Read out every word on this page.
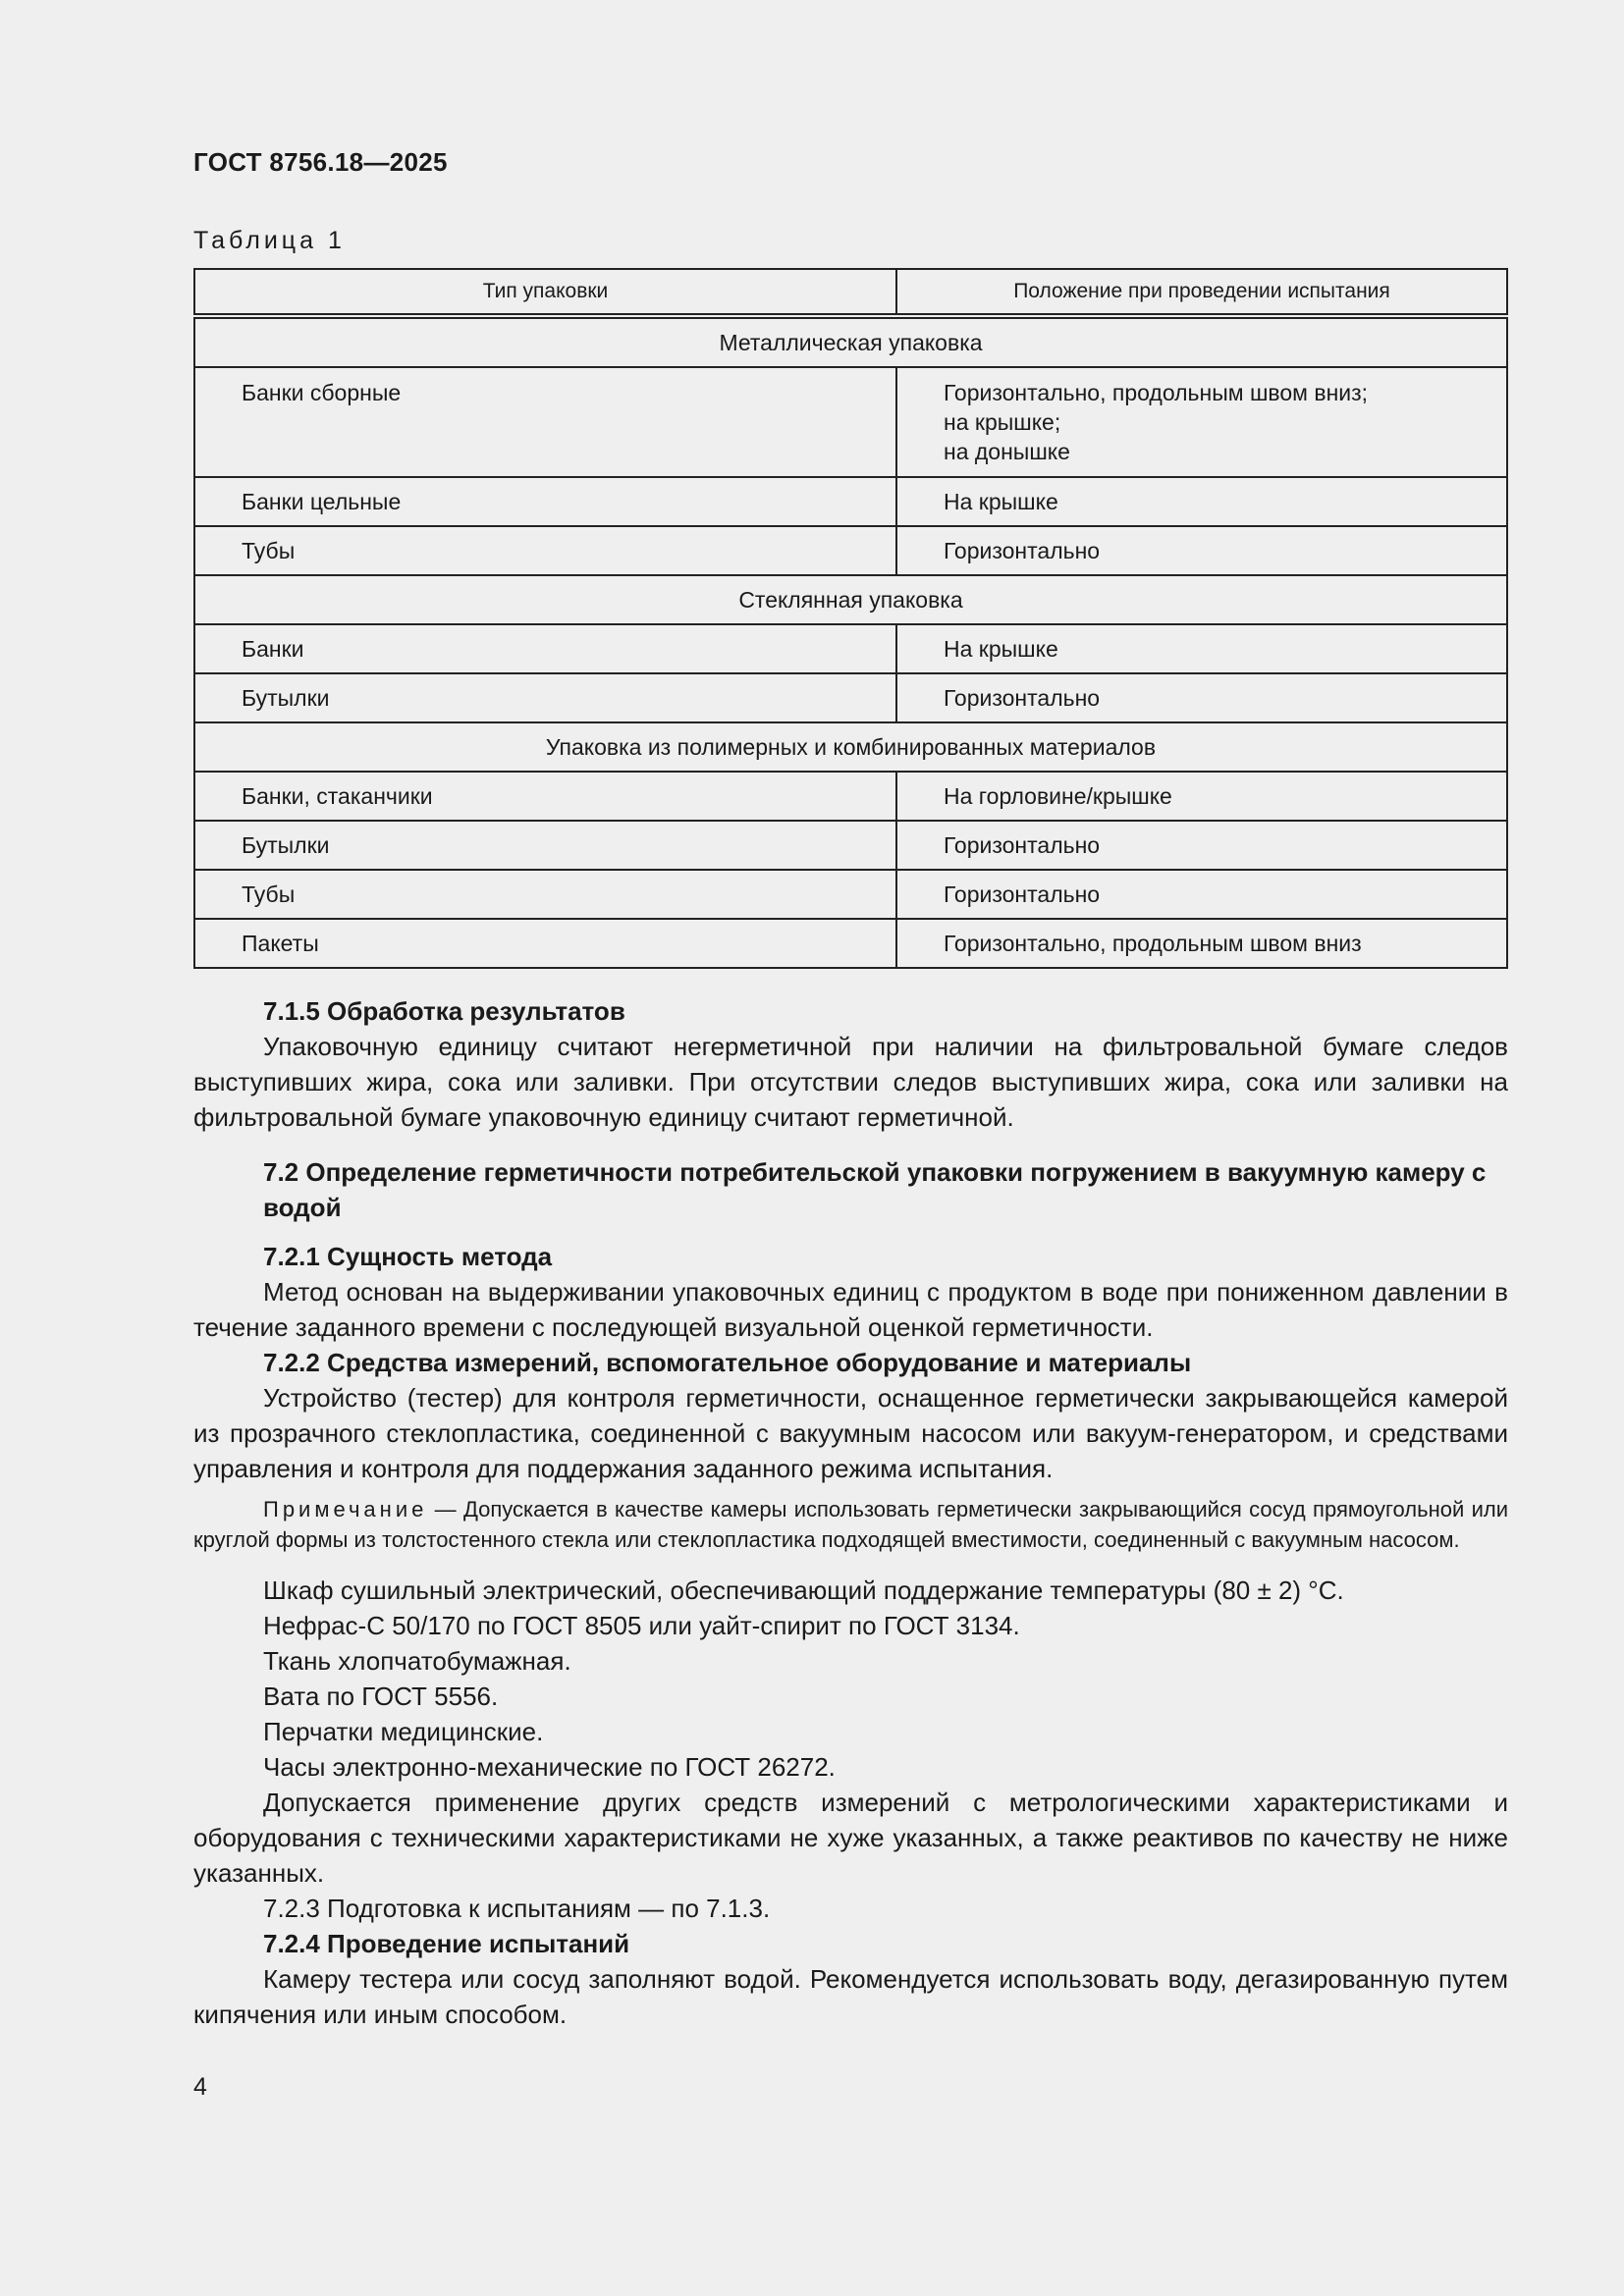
ГОСТ 8756.18—2025
Таблица 1
Тип упаковки	Положение при проведении испытания
Металлическая упаковка	
Банки сборные	Горизонтально, продольным швом вниз;
на крышке;
на донышке

Банки цельные	На крышке
Тубы	Горизонтально
Стеклянная упаковка	
Банки	На крышке
Бутылки	Горизонтально
Упаковка из полимерных и комбинированных материалов	
Банки, стаканчики	На горловине/крышке
Бутылки	Горизонтально
Тубы	Горизонтально
Пакеты	Горизонтально, продольным швом вниз

7.1.5 Обработка результатов

Упаковочную единицу считают негерметичной при наличии на фильтровальной бумаге следов выступивших жира, сока или заливки. При отсутствии следов выступивших жира, сока или заливки на фильтровальной бумаге упаковочную единицу считают герметичной.

7.2 Определение герметичности потребительской упаковки погружением в вакуумную камеру с водой

7.2.1 Сущность метода

Метод основан на выдерживании упаковочных единиц с продуктом в воде при пониженном давлении в течение заданного времени с последующей визуальной оценкой герметичности.

7.2.2 Средства измерений, вспомогательное оборудование и материалы

Устройство (тестер) для контроля герметичности, оснащенное герметически закрывающейся камерой из прозрачного стеклопластика, соединенной с вакуумным насосом или вакуум-генератором, и средствами управления и контроля для поддержания заданного режима испытания.

Примечание — Допускается в качестве камеры использовать герметически закрывающийся сосуд прямоугольной или круглой формы из толстостенного стекла или стеклопластика подходящей вместимости, соединенный с вакуумным насосом.

Шкаф сушильный электрический, обеспечивающий поддержание температуры (80 ± 2) °С.

Нефрас-С 50/170 по ГОСТ 8505 или уайт-спирит по ГОСТ 3134.

Ткань хлопчатобумажная.

Вата по ГОСТ 5556.

Перчатки медицинские.

Часы электронно-механические по ГОСТ 26272.

Допускается применение других средств измерений с метрологическими характеристиками и оборудования с техническими характеристиками не хуже указанных, а также реактивов по качеству не ниже указанных.

7.2.3 Подготовка к испытаниям — по 7.1.3.

7.2.4 Проведение испытаний

Камеру тестера или сосуд заполняют водой. Рекомендуется использовать воду, дегазированную путем кипячения или иным способом.

4
